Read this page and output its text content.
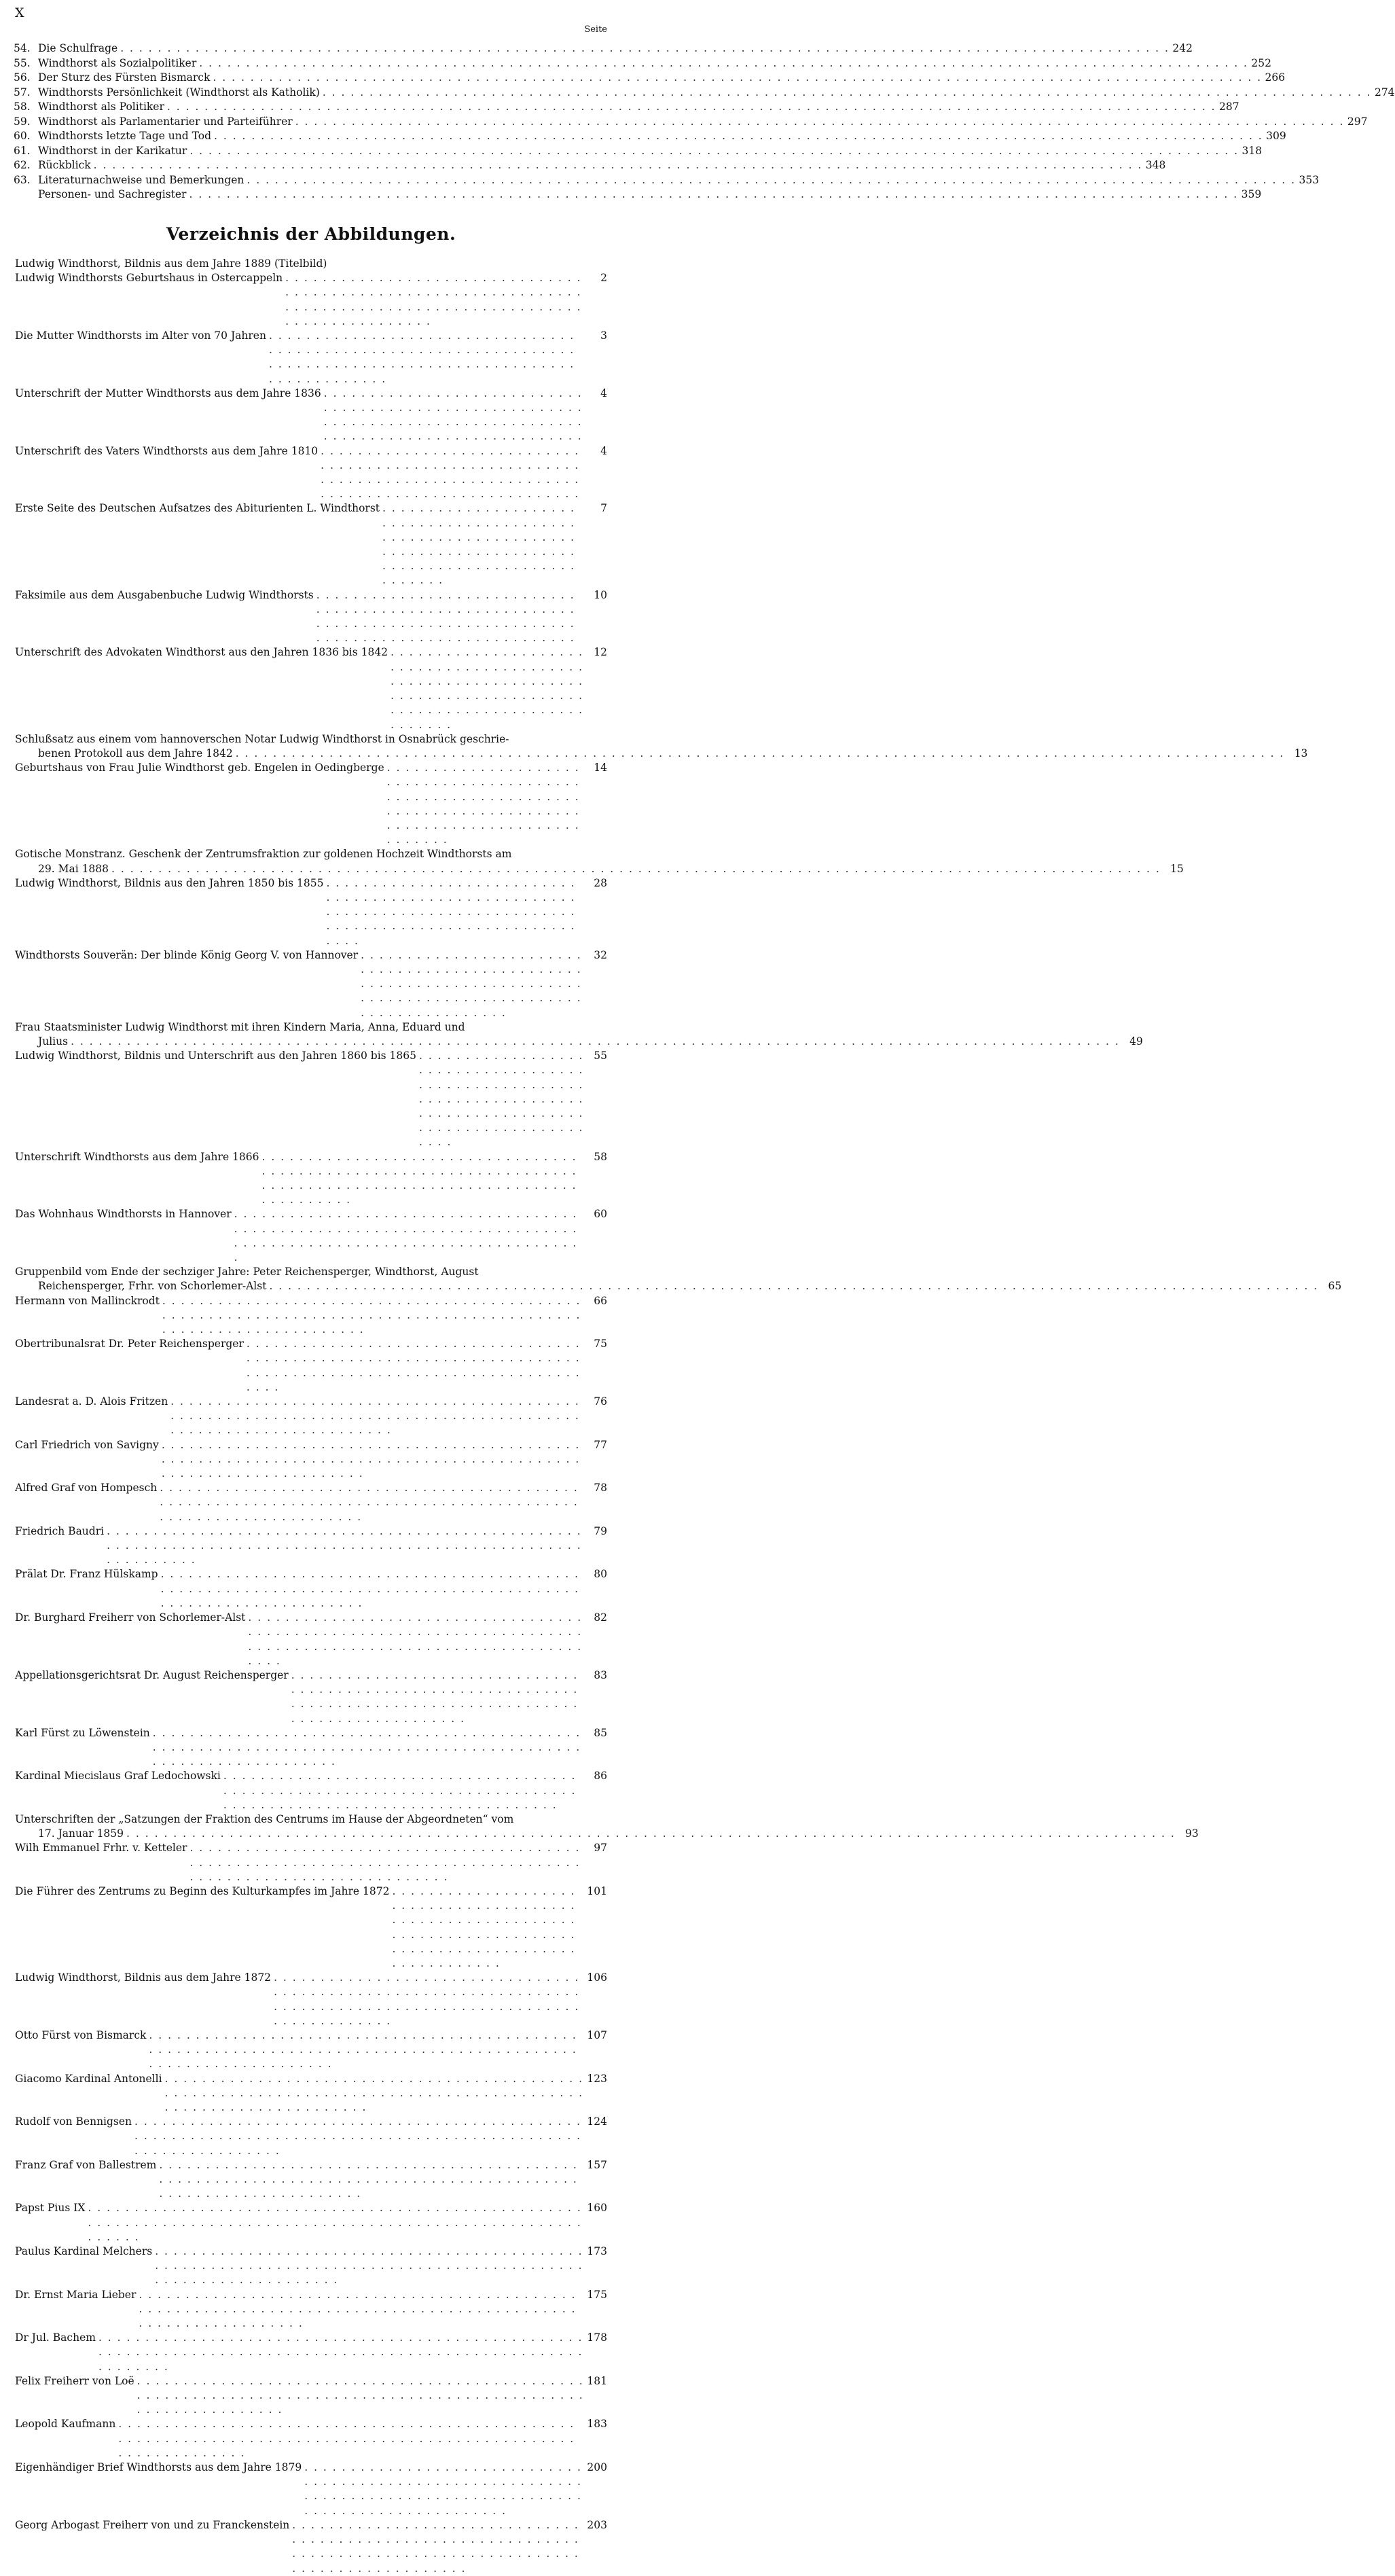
X
Seite
54. Die Schulfrage . . .	242
55. Windthorst als Sozialpolitiker . . .	252
56. Der Sturz des Fürsten Bismarck . . .	266
57. Windthorsts Persönlichkeit (Windthorst als Katholik) . . .	274
58. Windthorst als Politiker . . .	287
59. Windthorst als Parlamentarier und Parteiführer . . .	297
60. Windthorsts letzte Tage und Tod . . .	309
61. Windthorst in der Karikatur . . .	318
62. Rückblick . . .	348
63. Literaturnachweise und Bemerkungen . . .	353
Personen- und Sachregister . . .	359
Verzeichnis der Abbildungen.
Ludwig Windthorst, Bildnis aus dem Jahre 1889 (Titelbild)
Ludwig Windthorsts Geburtshaus in Ostercappeln . . .	2
Die Mutter Windthorsts im Alter von 70 Jahren . . .	3
Unterschrift der Mutter Windthorsts aus dem Jahre 1836 . . .	4
Unterschrift des Vaters Windthorsts aus dem Jahre 1810 . . .	4
Erste Seite des Deutschen Aufsatzes des Abiturienten L. Windthorst . . .	7
Faksimile aus dem Ausgabenbuche Ludwig Windthorsts . . .	10
Unterschrift des Advokaten Windthorst aus den Jahren 1836 bis 1842 . . .	12
Schlußsatz aus einem vom hannoverschen Notar Ludwig Windthorst in Osnabrück geschrie-
benen Protokoll aus dem Jahre 1842 . . .	13
Geburtshaus von Frau Julie Windthorst geb. Engelen in Oedingberge . . .	14
Gotische Monstranz. Geschenk der Zentrumsfraktion zur goldenen Hochzeit Windthorsts am
29. Mai 1888 . . .	15
Ludwig Windthorst, Bildnis aus den Jahren 1850 bis 1855 . . .	28
Windthorsts Souverän: Der blinde König Georg V. von Hannover . . .	32
Frau Staatsminister Ludwig Windthorst mit ihren Kindern Maria, Anna, Eduard und
Julius . . .	49
Ludwig Windthorst, Bildnis und Unterschrift aus den Jahren 1860 bis 1865 . . .	55
Unterschrift Windthorsts aus dem Jahre 1866 . . .	58
Das Wohnhaus Windthorsts in Hannover . . .	60
Gruppenbild vom Ende der sechziger Jahre: Peter Reichensperger, Windthorst, August
Reichensperger, Frhr. von Schorlemer-Alst . . .	65
Hermann von Mallinckrodt . . .	66
Obertribunalsrat Dr. Peter Reichensperger . . .	75
Landesrat a. D. Alois Fritzen . . .	76
Carl Friedrich von Savigny . . .	77
Alfred Graf von Hompesch . . .	78
Friedrich Baudri . . .	79
Prälat Dr. Franz Hülskamp . . .	80
Dr. Burghard Freiherr von Schorlemer-Alst . . .	82
Appellationsgerichtsrat Dr. August Reichensperger . . .	83
Karl Fürst zu Löwenstein . . .	85
Kardinal Miecislaus Graf Ledochowski . . .	86
Unterschriften der „Satzungen der Fraktion des Centrums im Hause der Abgeordneten“ vom
17. Januar 1859 . . .	93
Wilh Emmanuel Frhr. v. Ketteler . . .	97
Die Führer des Zentrums zu Beginn des Kulturkampfes im Jahre 1872 . . .	101
Ludwig Windthorst, Bildnis aus dem Jahre 1872 . . .	106
Otto Fürst von Bismarck . . .	107
Giacomo Kardinal Antonelli . . .	123
Rudolf von Bennigsen . . .	124
Franz Graf von Ballestrem . . .	157
Papst Pius IX . . .	160
Paulus Kardinal Melchers . . .	173
Dr. Ernst Maria Lieber . . .	175
Dr Jul. Bachem . . .	178
Felix Freiherr von Loë . . .	181
Leopold Kaufmann . . .	183
Eigenhändiger Brief Windthorsts aus dem Jahre 1879 . . .	200
Georg Arbogast Freiherr von und zu Franckenstein . . .	203
